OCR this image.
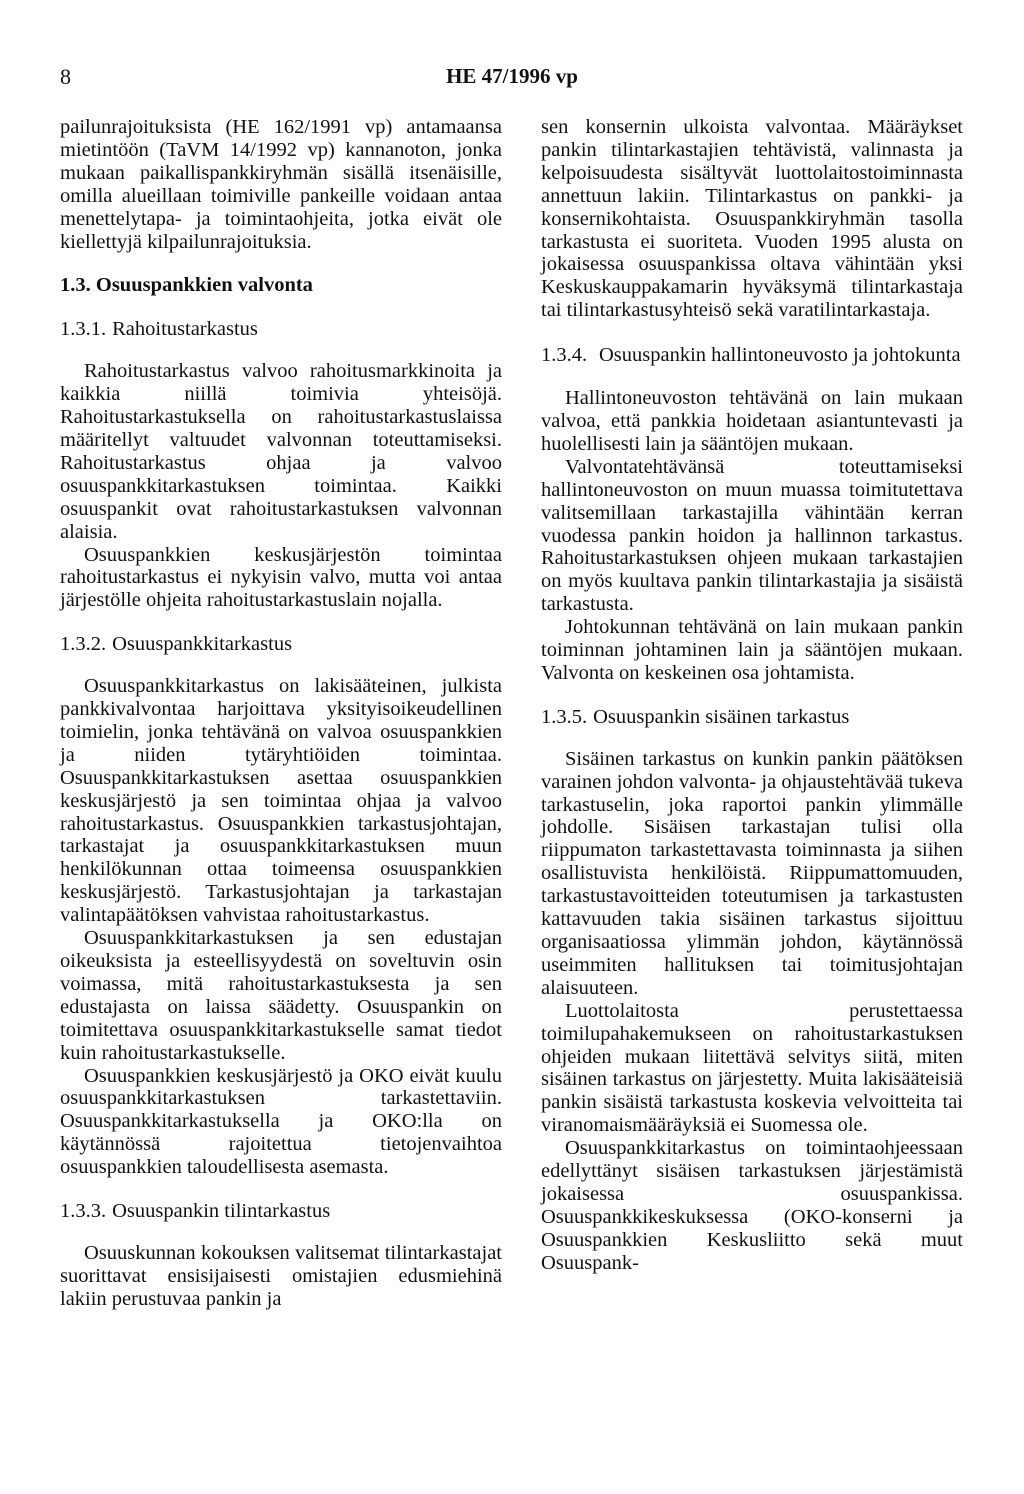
8	HE 47/1996 vp

pailunrajoituksista (HE 162/1991 vp) antamaansa mietintöön (TaVM 14/1992 vp) kannanoton, jonka mukaan paikallispankkiryhmän sisällä itsenäisille, omilla alueillaan toimiville pankeille voidaan antaa menettelytapa- ja toimintaohjeita, jotka eivät ole kiellettyjä kilpailunrajoituksia.

1.3. Osuuspankkien valvonta
1.3.1. Rahoitustarkastus

Rahoitustarkastus valvoo rahoitusmarkkinoita ja kaikkia niillä toimivia yhteisöjä. Rahoitustarkastuksella on rahoitustarkastuslaissa määritellyt valtuudet valvonnan toteuttamiseksi. Rahoitustarkastus ohjaa ja valvoo osuuspankkitarkastuksen toimintaa. Kaikki osuuspankit ovat rahoitustarkastuksen valvonnan alaisia.

Osuuspankkien keskusjärjestön toimintaa rahoitustarkastus ei nykyisin valvo, mutta voi antaa järjestölle ohjeita rahoitustarkastuslain nojalla.

1.3.2. Osuuspankkitarkastus

Osuuspankkitarkastus on lakisääteinen, julkista pankkivalvontaa harjoittava yksityisoikeudellinen toimielin, jonka tehtävänä on valvoa osuuspankkien ja niiden tytäryhtiöiden toimintaa. Osuuspankkitarkastuksen asettaa osuuspankkien keskusjärjestö ja sen toimintaa ohjaa ja valvoo rahoitustarkastus. Osuuspankkien tarkastusjohtajan, tarkastajat ja osuuspankkitarkastuksen muun henkilökunnan ottaa toimeensa osuuspankkien keskusjärjestö. Tarkastusjohtajan ja tarkastajan valintapäätöksen vahvistaa rahoitustarkastus.

Osuuspankkitarkastuksen ja sen edustajan oikeuksista ja esteellisyydestä on soveltuvin osin voimassa, mitä rahoitustarkastuksesta ja sen edustajasta on laissa säädetty. Osuuspankin on toimitettava osuuspankkitarkastukselle samat tiedot kuin rahoitustarkastukselle.

Osuuspankkien keskusjärjestö ja OKO eivät kuulu osuuspankkitarkastuksen tarkastettaviin. Osuuspankkitarkastuksella ja OKO:lla on käytännössä rajoitettua tietojenvaihtoa osuuspankkien taloudellisesta asemasta.

1.3.3. Osuuspankin tilintarkastus

Osuuskunnan kokouksen valitsemat tilintarkastajat suorittavat ensisijaisesti omistajien edusmiehinä lakiin perustuvaa pankin ja

sen konsernin ulkoista valvontaa. Määräykset pankin tilintarkastajien tehtävistä, valinnasta ja kelpoisuudesta sisältyvät luottolaitostoiminnasta annettuun lakiin. Tilintarkastus on pankki- ja konsernikohtaista. Osuuspankkiryhmän tasolla tarkastusta ei suoriteta. Vuoden 1995 alusta on jokaisessa osuuspankissa oltava vähintään yksi Keskuskauppakamarin hyväksymä tilintarkastaja tai tilintarkastusyhteisö sekä varatilintarkastaja.

1.3.4. Osuuspankin hallintoneuvosto ja johtokunta

Hallintoneuvoston tehtävänä on lain mukaan valvoa, että pankkia hoidetaan asiantuntevasti ja huolellisesti lain ja sääntöjen mukaan.

Valvontatehtävänsä toteuttamiseksi hallintoneuvoston on muun muassa toimitutettava valitsemillaan tarkastajilla vähintään kerran vuodessa pankin hoidon ja hallinnon tarkastus. Rahoitustarkastuksen ohjeen mukaan tarkastajien on myös kuultava pankin tilintarkastajia ja sisäistä tarkastusta.

Johtokunnan tehtävänä on lain mukaan pankin toiminnan johtaminen lain ja sääntöjen mukaan. Valvonta on keskeinen osa johtamista.

1.3.5. Osuuspankin sisäinen tarkastus

Sisäinen tarkastus on kunkin pankin päätöksen varainen johdon valvonta- ja ohjaustehtävää tukeva tarkastuselin, joka raportoi pankin ylimmälle johdolle. Sisäisen tarkastajan tulisi olla riippumaton tarkastettavasta toiminnasta ja siihen osallistuvista henkilöistä. Riippumattomuuden, tarkastustavoitteiden toteutumisen ja tarkastusten kattavuuden takia sisäinen tarkastus sijoittuu organisaatiossa ylimmän johdon, käytännössä useimmiten hallituksen tai toimitusjohtajan alaisuuteen.

Luottolaitosta perustettaessa toimilupahakemukseen on rahoitustarkastuksen ohjeiden mukaan liitettävä selvitys siitä, miten sisäinen tarkastus on järjestetty. Muita lakisääteisiä pankin sisäistä tarkastusta koskevia velvoitteita tai viranomaismääräyksiä ei Suomessa ole.

Osuuspankkitarkastus on toimintaohjeessaan edellyttänyt sisäisen tarkastuksen järjestämistä jokaisessa osuuspankissa. Osuuspankkikeskuksessa (OKO-konserni ja Osuuspankkien Keskusliitto sekä muut Osuuspank-
